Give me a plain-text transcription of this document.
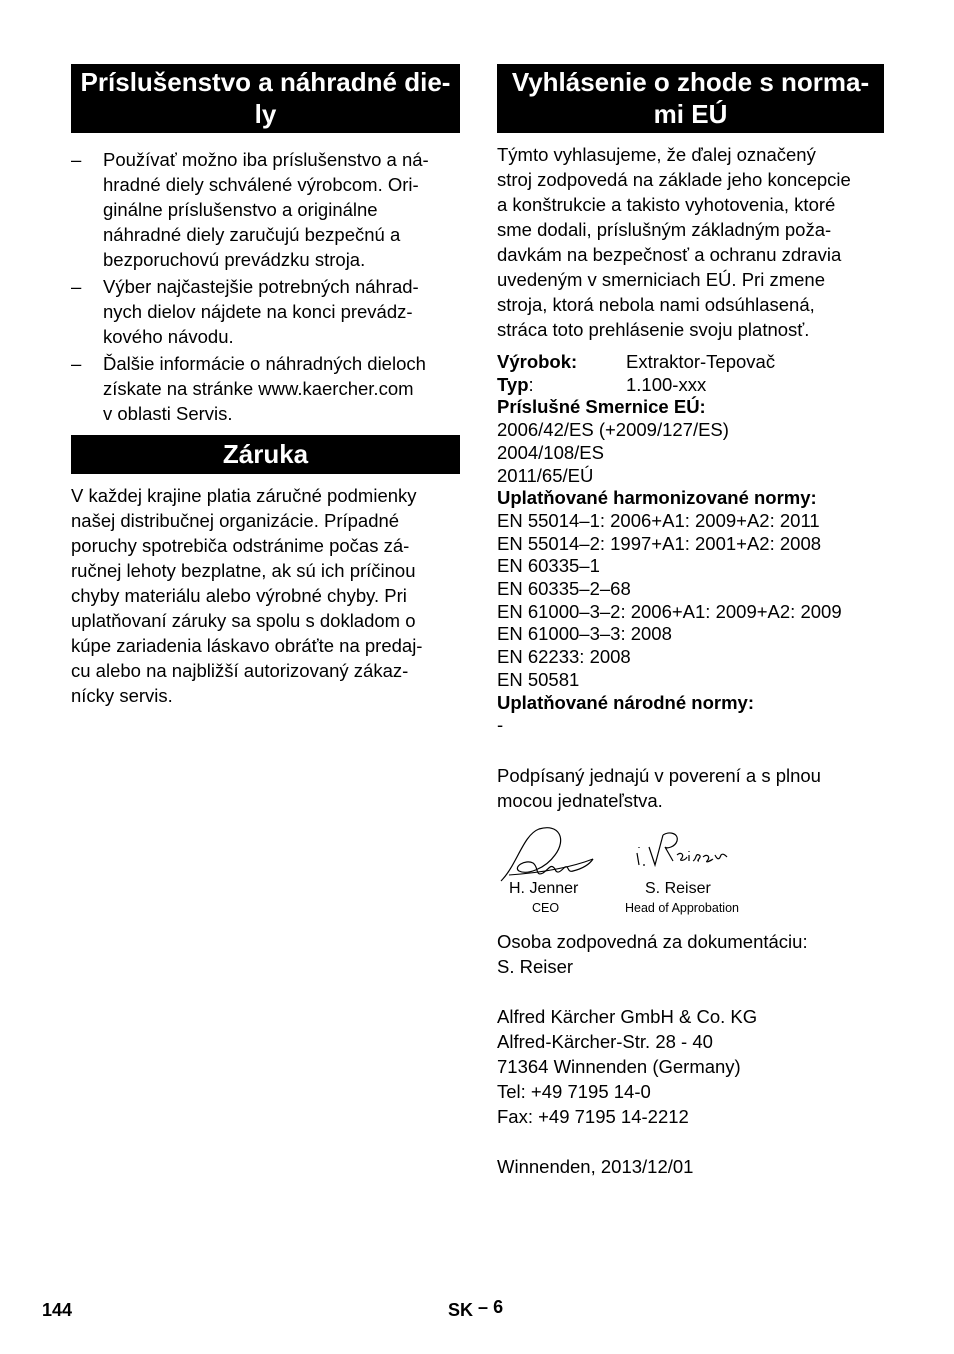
Príslušenstvo a náhradné die-
ly
– Používať možno iba príslušenstvo a ná-
hradné diely schválené výrobcom. Ori-
ginálne príslušenstvo a originálne
náhradné diely zaručujú bezpečnú a
bezporuchovú prevádzku stroja.
– Výber najčastejšie potrebných náhrad-
nych dielov nájdete na konci prevádz-
kového návodu.
– Ďalšie informácie o náhradných dieloch
získate na stránke www.kaercher.com
v oblasti Servis.
Záruka
V každej krajine platia záručné podmienky
našej distribučnej organizácie. Prípadné
poruchy spotrebiča odstránime počas zá-
ručnej lehoty bezplatne, ak sú ich príčinou
chyby materiálu alebo výrobné chyby. Pri
uplatňovaní záruky sa spolu s dokladom o
kúpe zariadenia láskavo obráťte na predaj-
cu alebo na najbližší autorizovaný zákaz-
nícky servis.
Vyhlásenie o zhode s norma-
mi EÚ
Týmto vyhlasujeme, že ďalej označený
stroj zodpovedá na základe jeho koncepcie
a konštrukcie a takisto vyhotovenia, ktoré
sme dodali, príslušným základným poža-
davkám na bezpečnosť a ochranu zdravia
uvedeným v smerniciach EÚ. Pri zmene
stroja, ktorá nebola nami odsúhlasená,
stráca toto prehlásenie svoju platnosť.
Výrobok:	Extraktor-Tepovač
Typ:	1.100-xxx
Príslušné Smernice EÚ:
2006/42/ES (+2009/127/ES)
2004/108/ES
2011/65/EÚ
Uplatňované harmonizované normy:
EN 55014–1: 2006+A1: 2009+A2: 2011
EN 55014–2: 1997+A1: 2001+A2: 2008
EN 60335–1
EN 60335–2–68
EN 61000–3–2: 2006+A1: 2009+A2: 2009
EN 61000–3–3: 2008
EN 62233: 2008
EN 50581
Uplatňované národné normy:
-
Podpísaný jednajú v poverení a s plnou
mocou jednateľstva.
H. Jenner
CEO
S. Reiser
Head of Approbation
Osoba zodpovedná za dokumentáciu:
S. Reiser
Alfred Kärcher GmbH & Co. KG
Alfred-Kärcher-Str. 28 - 40
71364 Winnenden (Germany)
Tel: +49 7195 14-0
Fax: +49 7195 14-2212
Winnenden, 2013/12/01
144	SK – 6
